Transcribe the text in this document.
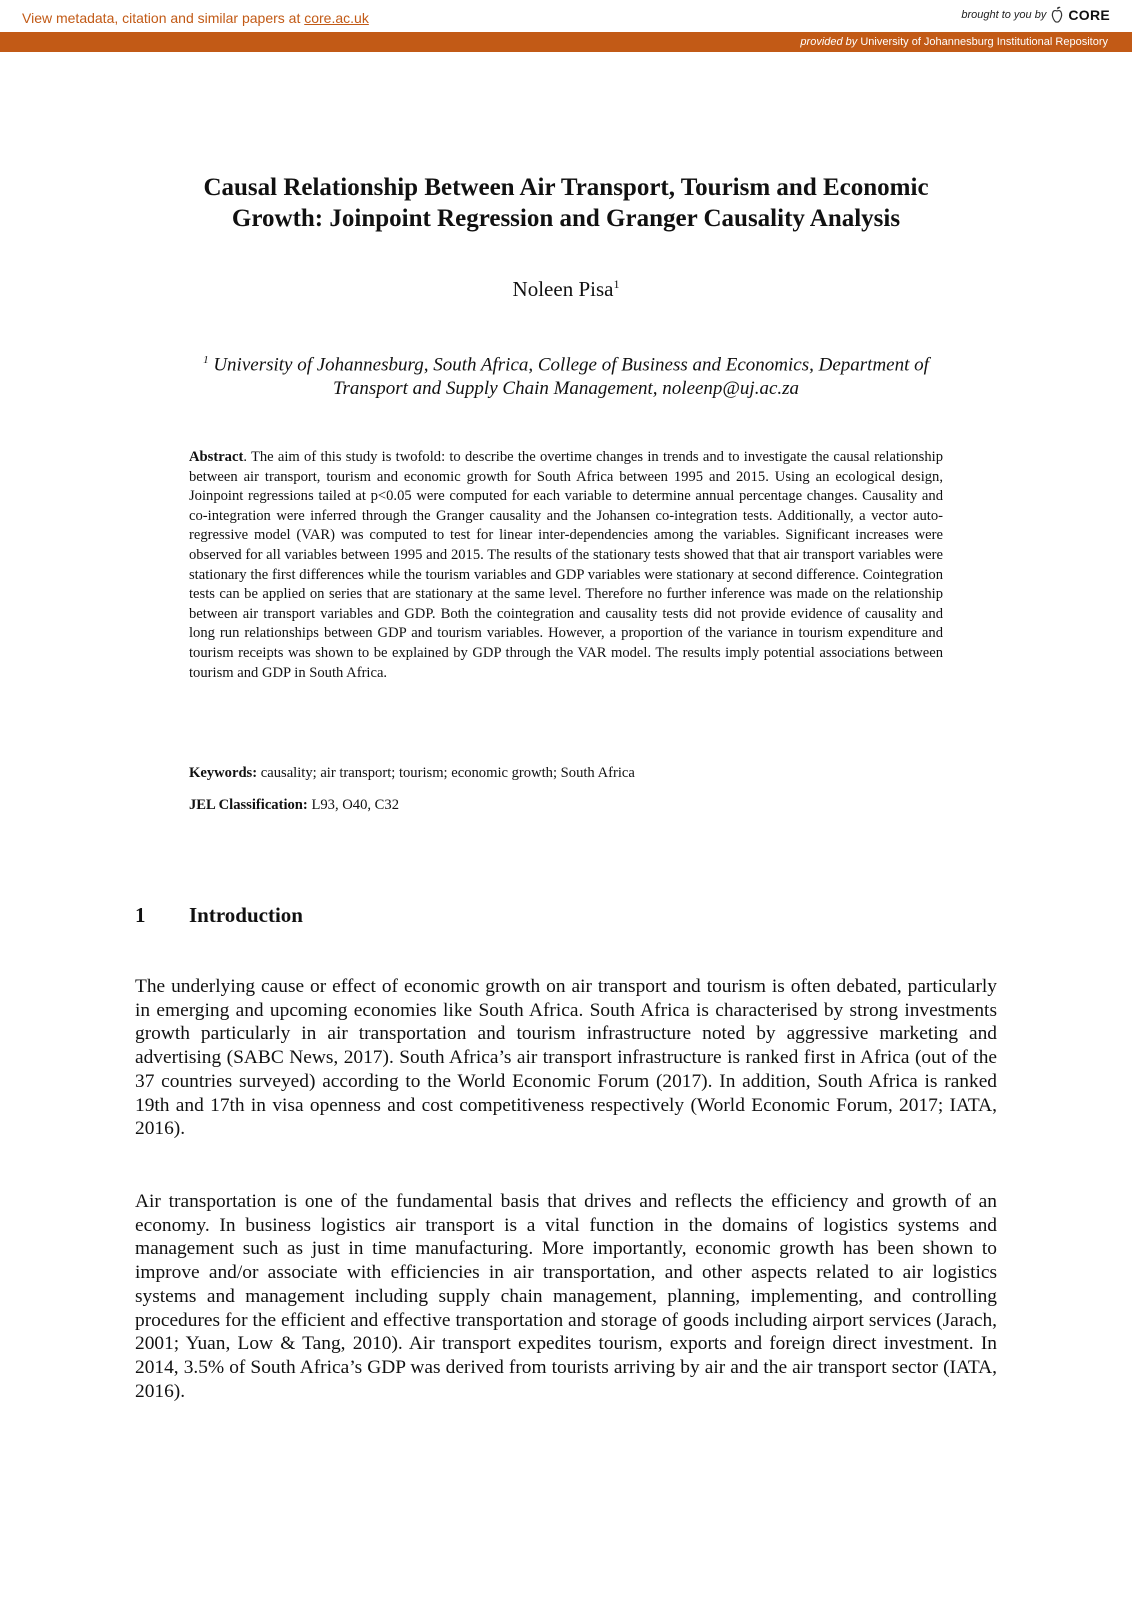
View metadata, citation and similar papers at core.ac.uk	brought to you by CORE
provided by University of Johannesburg Institutional Repository
Causal Relationship Between Air Transport, Tourism and Economic
Growth: Joinpoint Regression and Granger Causality Analysis
Noleen Pisa$^1$
$^1$ University of Johannesburg, South Africa, College of Business and Economics, Department of
Transport and Supply Chain Management, noleenp@uj.ac.za

Abstract. The aim of this study is twofold: to describe the overtime changes in trends and to investigate the causal relationship between air transport, tourism and economic growth for South Africa between 1995 and 2015. Using an ecological design, Joinpoint regressions tailed at p<0.05 were computed for each variable to determine annual percentage changes. Causality and co-integration were inferred through the Granger causality and the Johansen co-integration tests. Additionally, a vector auto-regressive model (VAR) was computed to test for linear inter-dependencies among the variables. Significant increases were observed for all variables between 1995 and 2015. The results of the stationary tests showed that that air transport variables were stationary the first differences while the tourism variables and GDP variables were stationary at second difference. Cointegration tests can be applied on series that are stationary at the same level. Therefore no further inference was made on the relationship between air transport variables and GDP. Both the cointegration and causality tests did not provide evidence of causality and long run relationships between GDP and tourism variables. However, a proportion of the variance in tourism expenditure and tourism receipts was shown to be explained by GDP through the VAR model. The results imply potential associations between tourism and GDP in South Africa.

Keywords: causality; air transport; tourism; economic growth; South Africa
JEL Classification: L93, O40, C32
1 Introduction

The underlying cause or effect of economic growth on air transport and tourism is often debated, particularly in emerging and upcoming economies like South Africa. South Africa is characterised by strong investments growth particularly in air transportation and tourism infrastructure noted by aggressive marketing and advertising (SABC News, 2017). South Africa’s air transport infrastructure is ranked first in Africa (out of the 37 countries surveyed) according to the World Economic Forum (2017). In addition, South Africa is ranked 19th and 17th in visa openness and cost competitiveness respectively (World Economic Forum, 2017; IATA, 2016).

Air transportation is one of the fundamental basis that drives and reflects the efficiency and growth of an economy. In business logistics air transport is a vital function in the domains of logistics systems and management such as just in time manufacturing. More importantly, economic growth has been shown to improve and/or associate with efficiencies in air transportation, and other aspects related to air logistics systems and management including supply chain management, planning, implementing, and controlling procedures for the efficient and effective transportation and storage of goods including airport services (Jarach, 2001; Yuan, Low & Tang, 2010). Air transport expedites tourism, exports and foreign direct investment. In 2014, 3.5% of South Africa’s GDP was derived from tourists arriving by air and the air transport sector (IATA, 2016).
